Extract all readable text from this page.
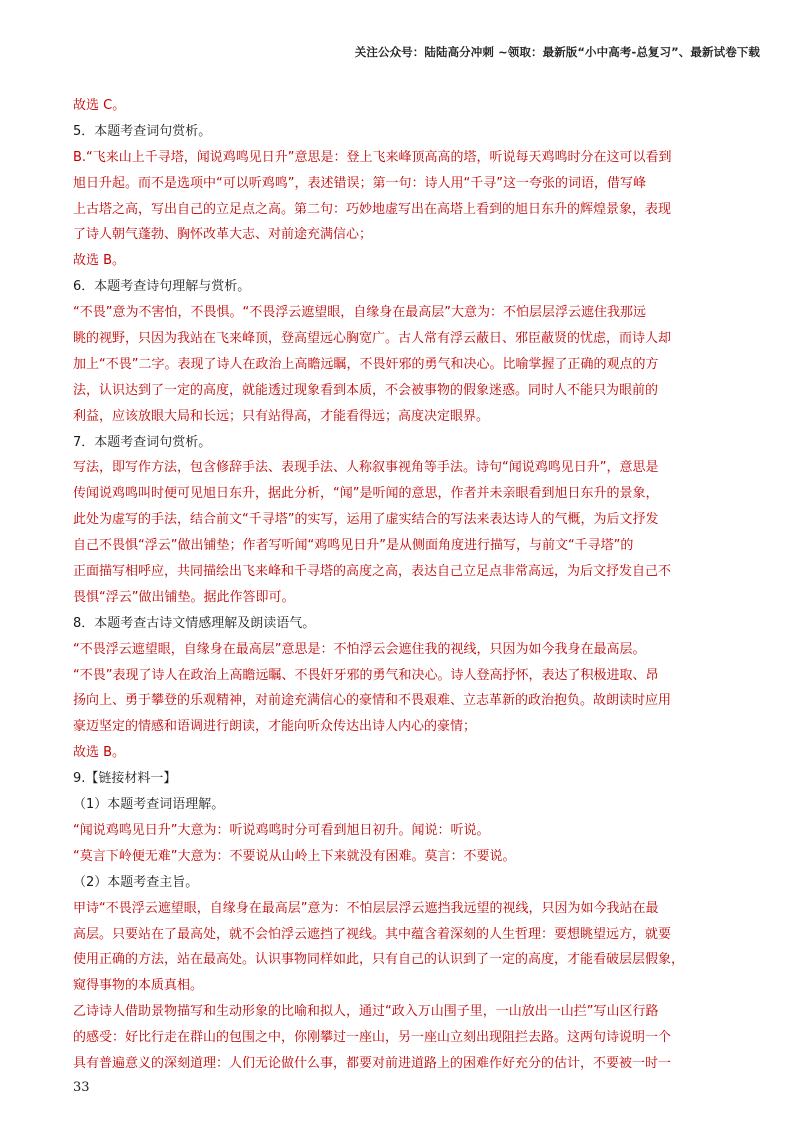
关注公众号：陆陆高分冲刺 ~领取：最新版“小中高考-总复习”、最新试卷下载
故选 C。
5．本题考查词句赏析。
B.“飞来山上千寻塔，闻说鸡鸣见日升”意思是：登上飞来峰顶高高的塔，听说每天鸡鸣时分在这可以看到
旭日升起。而不是选项中“可以听鸡鸣”，表述错误；第一句：诗人用“千寻”这一夸张的词语，借写峰
上古塔之高，写出自己的立足点之高。第二句：巧妙地虚写出在高塔上看到的旭日东升的辉煌景象，表现
了诗人朝气蓬勃、胸怀改革大志、对前途充满信心；
故选 B。
6．本题考查诗句理解与赏析。
“不畏”意为不害怕，不畏惧。“不畏浮云遮望眼，自缘身在最高层”大意为：不怕层层浮云遮住我那远
眺的视野，只因为我站在飞来峰顶，登高望远心胸宽广。古人常有浮云蔽日、邪臣蔽贤的忧虑，而诗人却
加上“不畏”二字。表现了诗人在政治上高瞻远瞩，不畏奸邪的勇气和决心。比喻掌握了正确的观点的方
法，认识达到了一定的高度，就能透过现象看到本质，不会被事物的假象迷惑。同时人不能只为眼前的
利益，应该放眼大局和长远；只有站得高，才能看得远；高度决定眼界。
7．本题考查词句赏析。
写法，即写作方法，包含修辞手法、表现手法、人称叙事视角等手法。诗句“闻说鸡鸣见日升”，意思是
传闻说鸡鸣叫时便可见旭日东升，据此分析，“闻”是听闻的意思，作者并未亲眼看到旭日东升的景象，
此处为虚写的手法，结合前文“千寻塔”的实写，运用了虚实结合的写法来表达诗人的气概，为后文抒发
自己不畏惧“浮云”做出铺垫；作者写听闻“鸡鸣见日升”是从侧面角度进行描写，与前文“千寻塔”的
正面描写相呼应，共同描绘出飞来峰和千寻塔的高度之高，表达自己立足点非常高远，为后文抒发自己不
畏惧“浮云”做出铺垫。据此作答即可。
8．本题考查古诗文情感理解及朗读语气。
“不畏浮云遮望眼，自缘身在最高层”意思是：不怕浮云会遮住我的视线，只因为如今我身在最高层。
“不畏”表现了诗人在政治上高瞻远瞩、不畏奸牙邪的勇气和决心。诗人登高抒怀，表达了积极进取、昂
扬向上、勇于攀登的乐观精神，对前途充满信心的豪情和不畏艰难、立志革新的政治抱负。故朗读时应用
豪迈坚定的情感和语调进行朗读，才能向听众传达出诗人内心的豪情；
故选 B。
9.【链接材料一】
（1）本题考查词语理解。
“闻说鸡鸣见日升”大意为：听说鸡鸣时分可看到旭日初升。闻说：听说。
“莫言下岭便无难”大意为：不要说从山岭上下来就没有困难。莫言：不要说。
（2）本题考查主旨。
甲诗“不畏浮云遮望眼，自缘身在最高层”意为：不怕层层浮云遮挡我远望的视线，只因为如今我站在最
高层。只要站在了最高处，就不会怕浮云遮挡了视线。其中蕴含着深刻的人生哲理：要想眺望远方，就要
使用正确的方法，站在最高处。认识事物同样如此，只有自己的认识到了一定的高度，才能看破层层假象，
窥得事物的本质真相。
乙诗诗人借助景物描写和生动形象的比喻和拟人，通过“政入万山围子里，一山放出一山拦”写山区行路
的感受：好比行走在群山的包围之中，你刚攀过一座山，另一座山立刻出现阻拦去路。这两句诗说明一个
具有普遍意义的深刻道理：人们无论做什么事，都要对前进道路上的困难作好充分的估计，不要被一时一
33
